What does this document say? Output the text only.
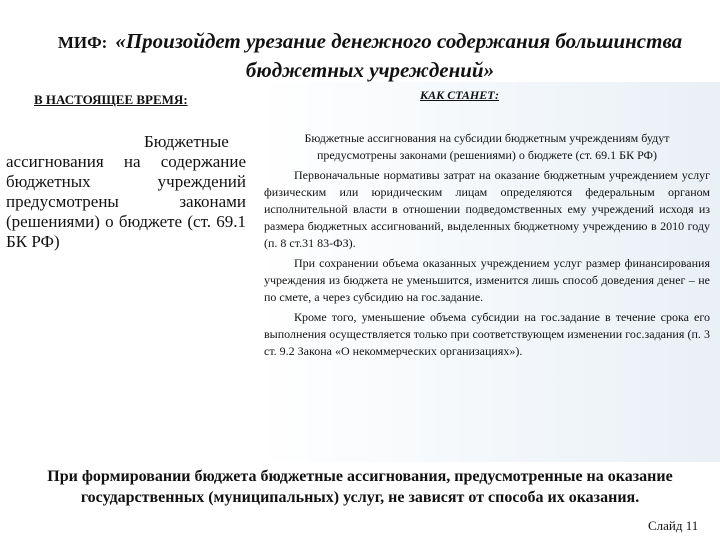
МИФ: «Произойдет урезание денежного содержания большинства бюджетных учреждений»
В НАСТОЯЩЕЕ ВРЕМЯ:	КАК СТАНЕТ:
Бюджетные ассигнования на содержание бюджетных учреждений предусмотрены законами (решениями) о бюджете (ст. 69.1 БК РФ)

Бюджетные ассигнования на субсидии бюджетным учреждениям будут предусмотрены законами (решениями) о бюджете (ст. 69.1 БК РФ)

Первоначальные нормативы затрат на оказание бюджетным учреждением услуг физическим или юридическим лицам определяются федеральным органом исполнительной власти в отношении подведомственных ему учреждений исходя из размера бюджетных ассигнований, выделенных бюджетному учреждению в 2010 году (п. 8 ст.31 83-ФЗ).

При сохранении объема оказанных учреждением услуг размер финансирования учреждения из бюджета не уменьшится, изменится лишь способ доведения денег – не по смете, а через субсидию на гос.задание.

Кроме того, уменьшение объема субсидии на гос.задание в течение срока его выполнения осуществляется только при соответствующем изменении гос.задания (п. 3 ст. 9.2 Закона «О некоммерческих организациях»).

При формировании бюджета бюджетные ассигнования, предусмотренные на оказание государственных (муниципальных) услуг, не зависят от способа их оказания.
Слайд 11
